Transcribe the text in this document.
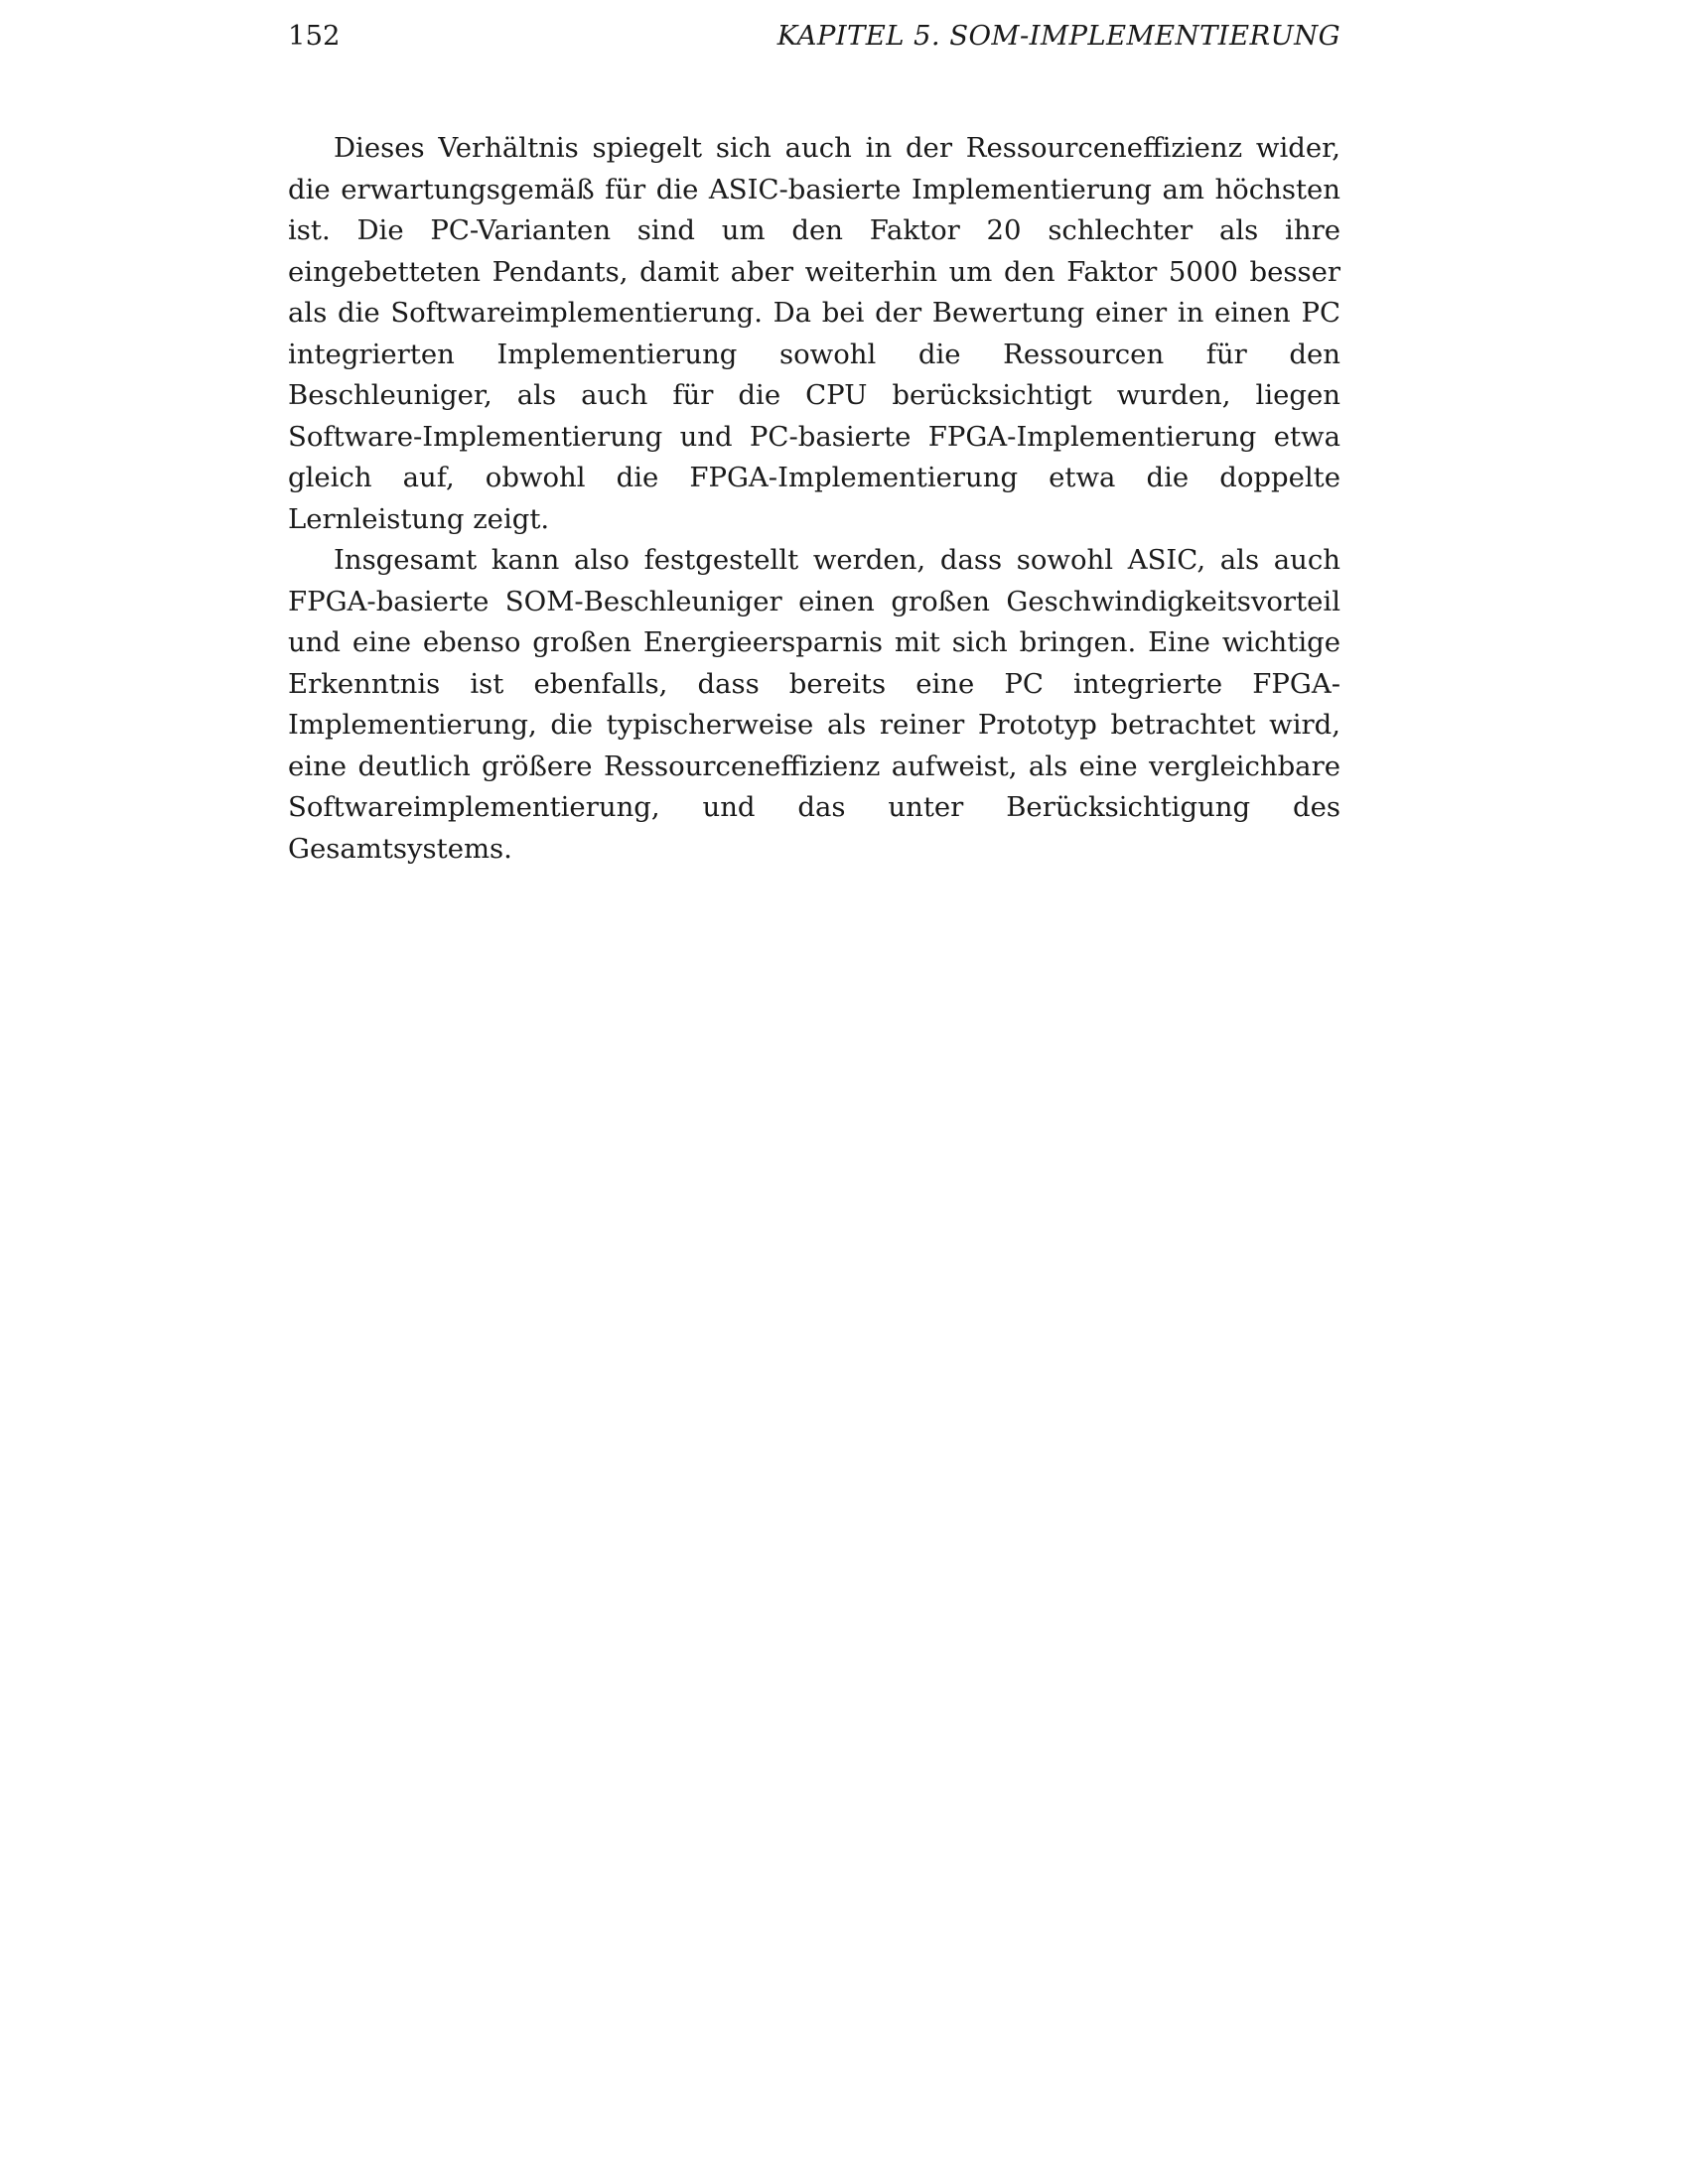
152	KAPITEL 5. SOM-IMPLEMENTIERUNG

Dieses Verhältnis spiegelt sich auch in der Ressourceneffizienz wider, die erwartungsgemäß für die ASIC-basierte Implementierung am höchsten ist. Die PC-Varianten sind um den Faktor 20 schlechter als ihre eingebetteten Pendants, damit aber weiterhin um den Faktor 5000 besser als die Softwareimplementierung. Da bei der Bewertung einer in einen PC integrierten Implementierung sowohl die Ressourcen für den Beschleuniger, als auch für die CPU berücksichtigt wurden, liegen Software-Implementierung und PC-basierte FPGA-Implementierung etwa gleich auf, obwohl die FPGA-Implementierung etwa die doppelte Lernleistung zeigt.

Insgesamt kann also festgestellt werden, dass sowohl ASIC, als auch FPGA-basierte SOM-Beschleuniger einen großen Geschwindigkeitsvorteil und eine ebenso großen Energieersparnis mit sich bringen. Eine wichtige Erkenntnis ist ebenfalls, dass bereits eine PC integrierte FPGA-Implementierung, die typischerweise als reiner Prototyp betrachtet wird, eine deutlich größere Ressourceneffizienz aufweist, als eine vergleichbare Softwareimplementierung, und das unter Berücksichtigung des Gesamtsystems.
